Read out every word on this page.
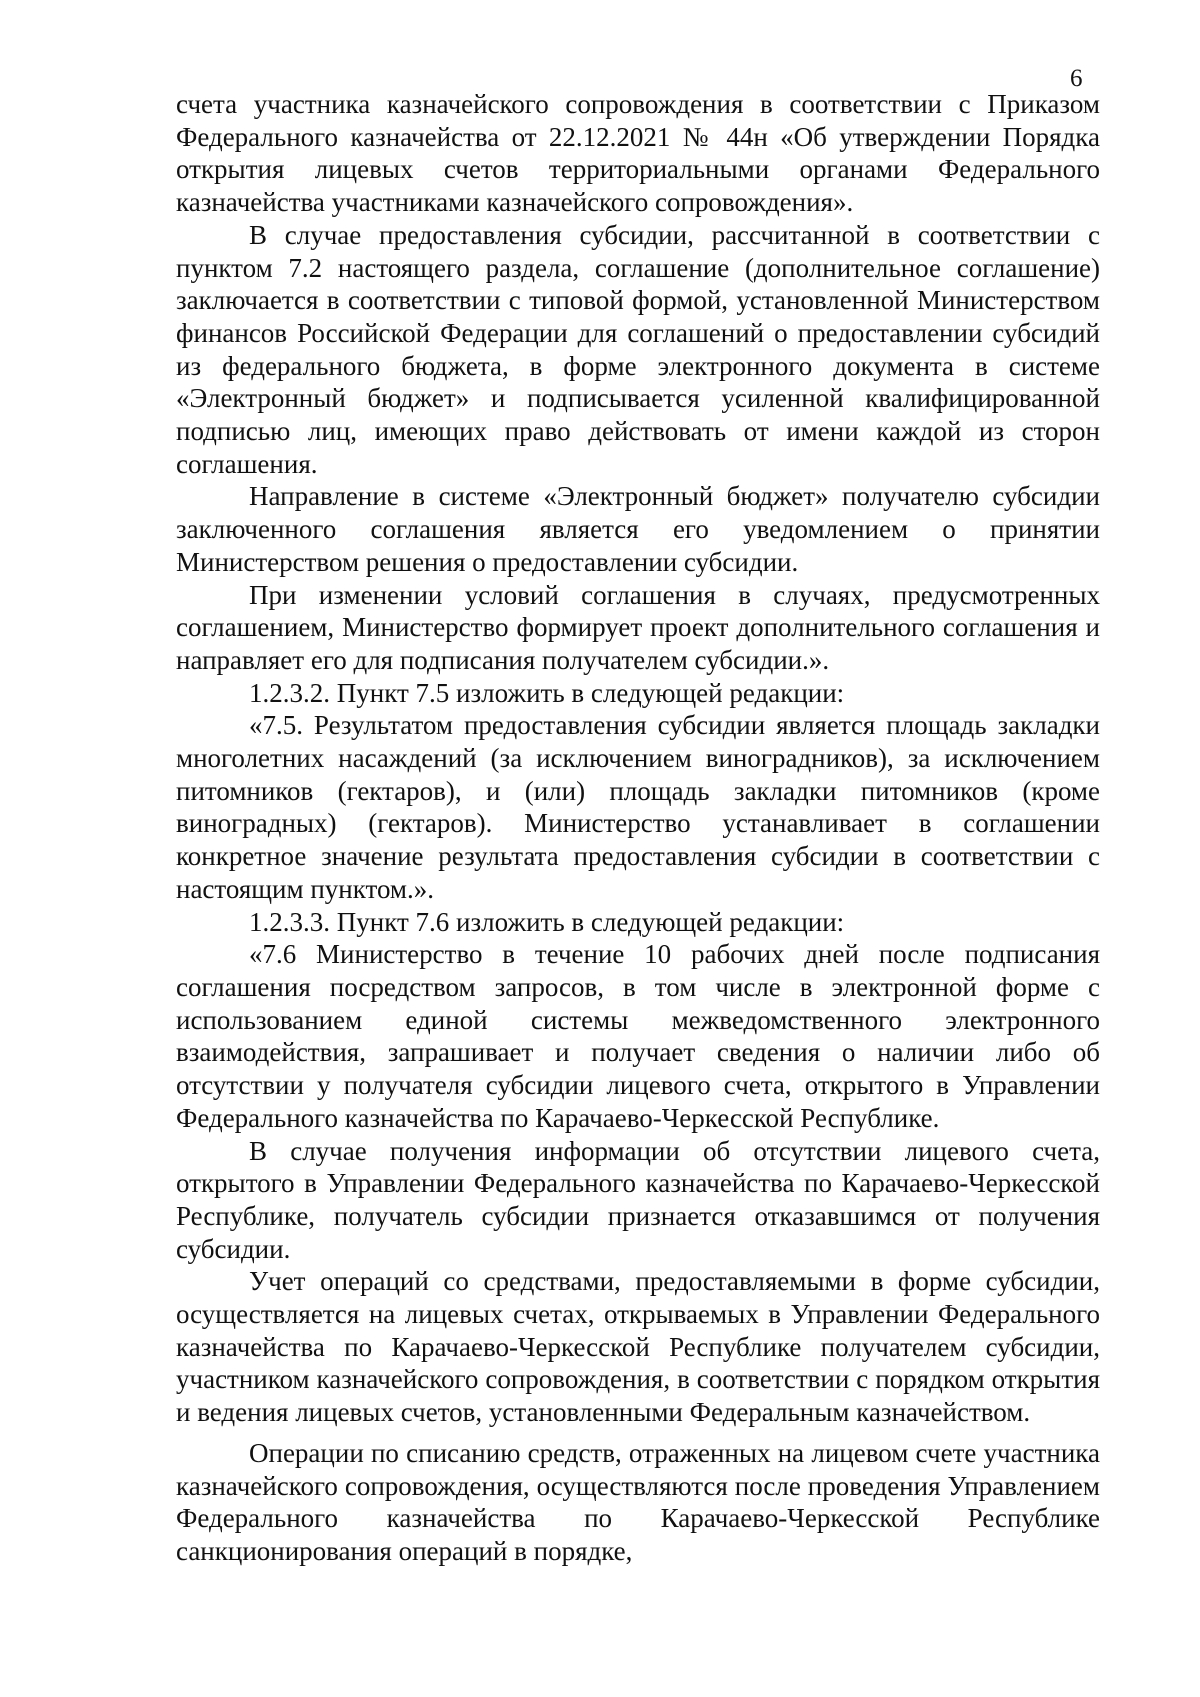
6

счета участника казначейского сопровождения в соответствии с Приказом Федерального казначейства от 22.12.2021 № 44н «Об утверждении Порядка открытия лицевых счетов территориальными органами Федерального казначейства участниками казначейского сопровождения».

В случае предоставления субсидии, рассчитанной в соответствии с пунктом 7.2 настоящего раздела, соглашение (дополнительное соглашение) заключается в соответствии с типовой формой, установленной Министерством финансов Российской Федерации для соглашений о предоставлении субсидий из федерального бюджета, в форме электронного документа в системе «Электронный бюджет» и подписывается усиленной квалифицированной подписью лиц, имеющих право действовать от имени каждой из сторон соглашения.

Направление в системе «Электронный бюджет» получателю субсидии заключенного соглашения является его уведомлением о принятии Министерством решения о предоставлении субсидии.

При изменении условий соглашения в случаях, предусмотренных соглашением, Министерство формирует проект дополнительного соглашения и направляет его для подписания получателем субсидии.».

1.2.3.2. Пункт 7.5 изложить в следующей редакции:

«7.5. Результатом предоставления субсидии является площадь закладки многолетних насаждений (за исключением виноградников), за исключением питомников (гектаров), и (или) площадь закладки питомников (кроме виноградных) (гектаров). Министерство устанавливает в соглашении конкретное значение результата предоставления субсидии в соответствии с настоящим пунктом.».

1.2.3.3. Пункт 7.6 изложить в следующей редакции:

«7.6 Министерство в течение 10 рабочих дней после подписания соглашения посредством запросов, в том числе в электронной форме с использованием единой системы межведомственного электронного взаимодействия, запрашивает и получает сведения о наличии либо об отсутствии у получателя субсидии лицевого счета, открытого в Управлении Федерального казначейства по Карачаево-Черкесской Республике.

В случае получения информации об отсутствии лицевого счета, открытого в Управлении Федерального казначейства по Карачаево-Черкесской Республике, получатель субсидии признается отказавшимся от получения субсидии.

Учет операций со средствами, предоставляемыми в форме субсидии, осуществляется на лицевых счетах, открываемых в Управлении Федерального казначейства по Карачаево-Черкесской Республике получателем субсидии, участником казначейского сопровождения, в соответствии с порядком открытия и ведения лицевых счетов, установленными Федеральным казначейством.

Операции по списанию средств, отраженных на лицевом счете участника казначейского сопровождения, осуществляются после проведения Управлением Федерального казначейства по Карачаево-Черкесской Республике санкционирования операций в порядке,
